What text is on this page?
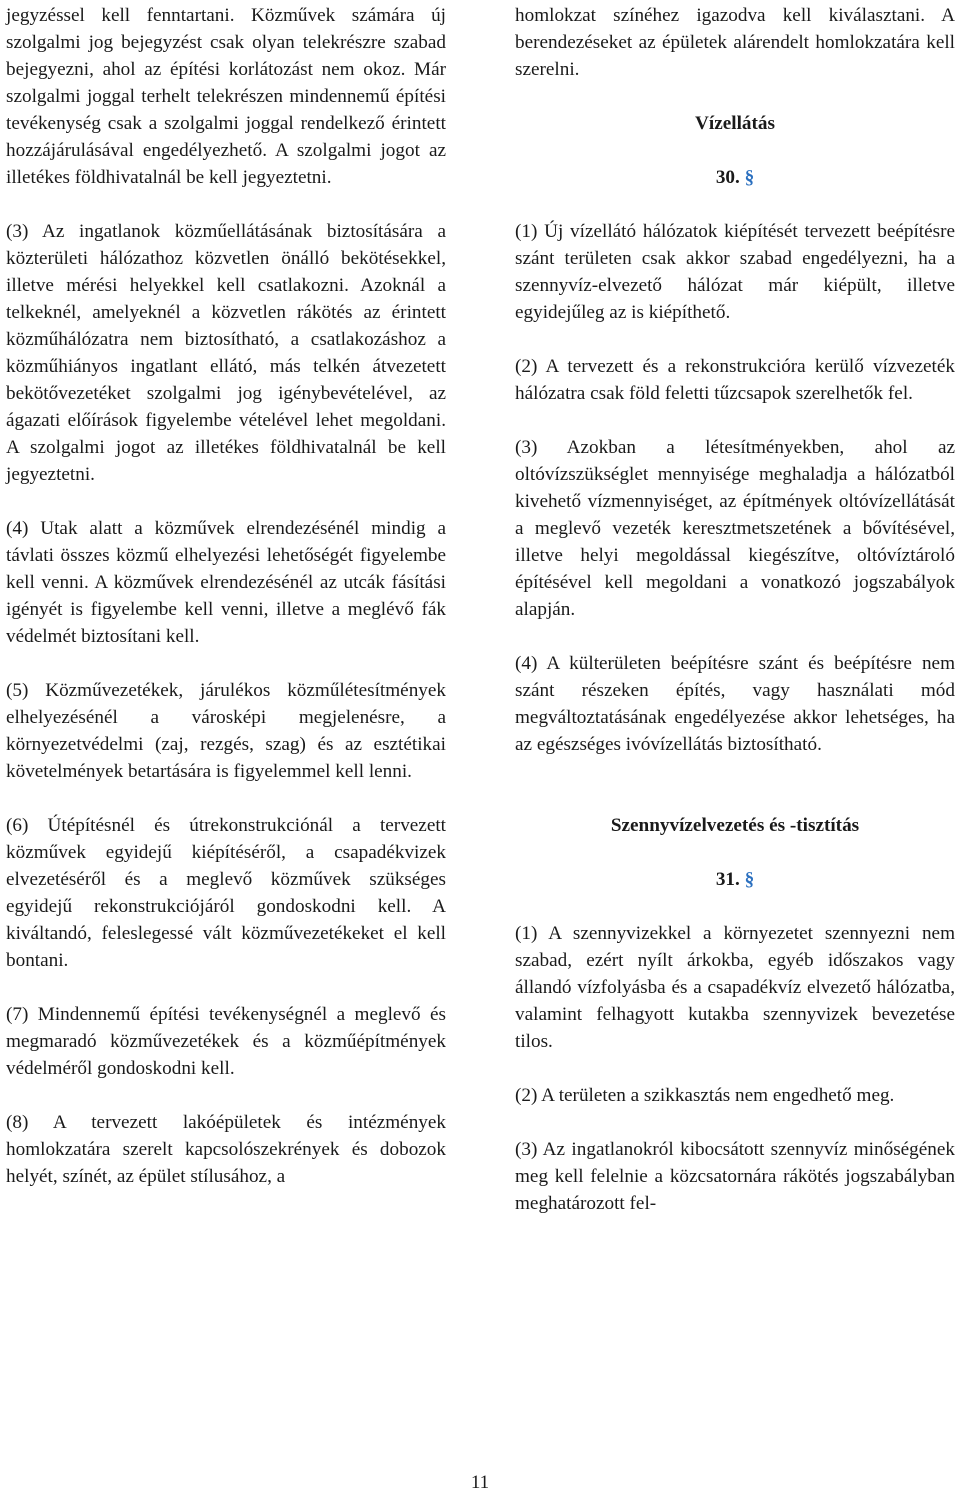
jegyzéssel kell fenntartani. Közművek számára új szolgalmi jog bejegyzést csak olyan telekrészre szabad bejegyezni, ahol az építési korlátozást nem okoz. Már szolgalmi joggal terhelt telekrészen mindennemű építési tevékenység csak a szolgalmi joggal rendelkező érintett hozzájárulásával engedélyezhető. A szolgalmi jogot az illetékes földhivatalnál be kell jegyeztetni.

(3) Az ingatlanok közműellátásának biztosítására a közterületi hálózathoz közvetlen önálló bekötésekkel, illetve mérési helyekkel kell csatlakozni. Azoknál a telkeknél, amelyeknél a közvetlen rákötés az érintett közműhálózatra nem biztosítható, a csatlakozáshoz a közműhiányos ingatlant ellátó, más telkén átvezetett bekötővezetéket szolgalmi jog igénybevételével, az ágazati előírások figyelembe vételével lehet megoldani. A szolgalmi jogot az illetékes földhivatalnál be kell jegyeztetni.

(4) Utak alatt a közművek elrendezésénél mindig a távlati összes közmű elhelyezési lehetőségét figyelembe kell venni. A közművek elrendezésénél az utcák fásítási igényét is figyelembe kell venni, illetve a meglévő fák védelmét biztosítani kell.

(5) Közművezetékek, járulékos közműlétesítmények elhelyezésénél a városképi megjelenésre, a környezetvédelmi (zaj, rezgés, szag) és az esztétikai követelmények betartására is figyelemmel kell lenni.

(6) Útépítésnél és útrekonstrukciónál a tervezett közművek egyidejű kiépítéséről, a csapadékvizek elvezetéséről és a meglevő közművek szükséges egyidejű rekonstrukciójáról gondoskodni kell. A kiváltandó, feleslegessé vált közművezetékeket el kell bontani.

(7) Mindennemű építési tevékenységnél a meglevő és megmaradó közművezetékek és a közműépítmények védelméről gondoskodni kell.

(8) A tervezett lakóépületek és intézmények homlokzatára szerelt kapcsolószekrények és dobozok helyét, színét, az épület stílusához, a

homlokzat színéhez igazodva kell kiválasztani. A berendezéseket az épületek alárendelt homlokzatára kell szerelni.

Vízellátás
30. §

(1) Új vízellátó hálózatok kiépítését tervezett beépítésre szánt területen csak akkor szabad engedélyezni, ha a szennyvíz-elvezető hálózat már kiépült, illetve egyidejűleg az is kiépíthető.

(2) A tervezett és a rekonstrukcióra kerülő vízvezeték hálózatra csak föld feletti tűzcsapok szerelhetők fel.

(3) Azokban a létesítményekben, ahol az oltóvízszükséglet mennyisége meghaladja a hálózatból kivehető vízmennyiséget, az építmények oltóvízellátását a meglevő vezeték keresztmetszetének a bővítésével, illetve helyi megoldással kiegészítve, oltóvíztároló építésével kell megoldani a vonatkozó jogszabályok alapján.

(4) A külterületen beépítésre szánt és beépítésre nem szánt részeken építés, vagy használati mód megváltoztatásának engedélyezése akkor lehetséges, ha az egészséges ivóvízellátás biztosítható.

Szennyvízelvezetés és -tisztítás
31. §

(1) A szennyvizekkel a környezetet szennyezni nem szabad, ezért nyílt árkokba, egyéb időszakos vagy állandó vízfolyásba és a csapadékvíz elvezető hálózatba, valamint felhagyott kutakba szennyvizek bevezetése tilos.

(2) A területen a szikkasztás nem engedhető meg.

(3) Az ingatlanokról kibocsátott szennyvíz minőségének meg kell felelnie a közcsatornára rákötés jogszabályban meghatározott fel-

11
